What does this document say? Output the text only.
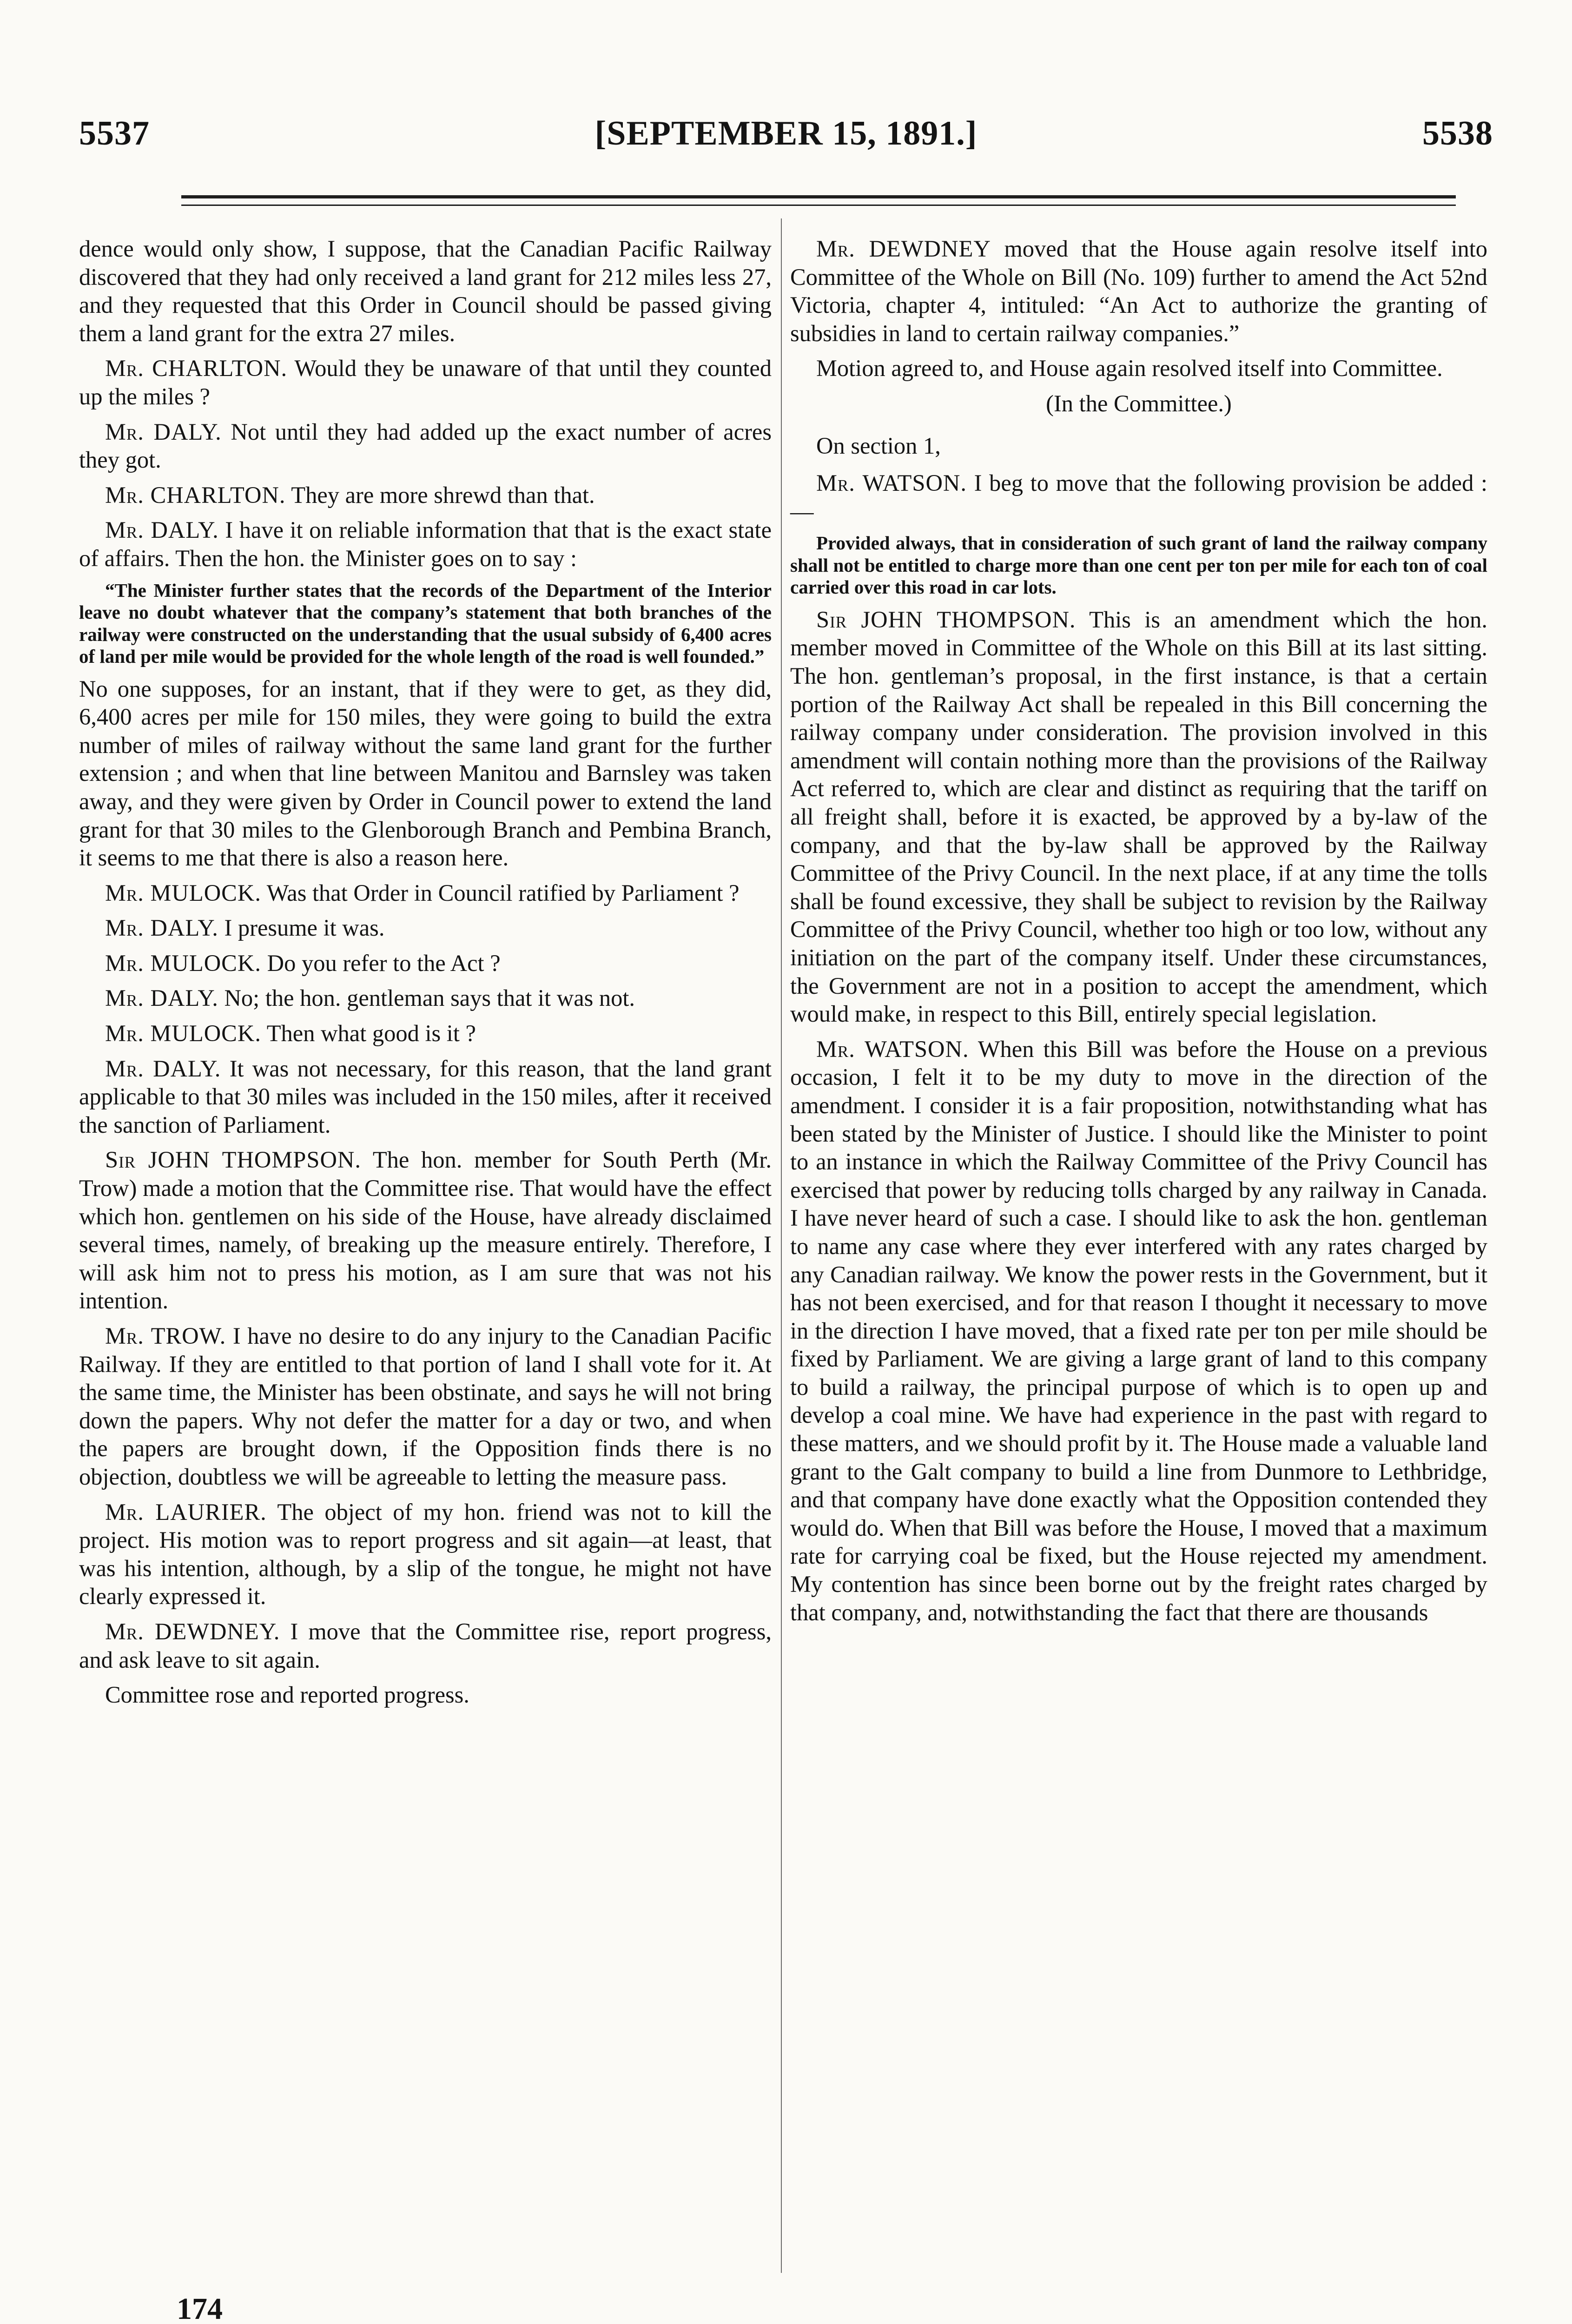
5537	[SEPTEMBER 15, 1891.]	5538

dence would only show, I suppose, that the Canadian Pacific Railway discovered that they had only received a land grant for 212 miles less 27, and they requested that this Order in Council should be passed giving them a land grant for the extra 27 miles.

Mr. CHARLTON. Would they be unaware of that until they counted up the miles ?

Mr. DALY. Not until they had added up the exact number of acres they got.

Mr. CHARLTON. They are more shrewd than that.

Mr. DALY. I have it on reliable information that that is the exact state of affairs. Then the hon. the Minister goes on to say :

“The Minister further states that the records of the Department of the Interior leave no doubt whatever that the company’s statement that both branches of the railway were constructed on the understanding that the usual subsidy of 6,400 acres of land per mile would be provided for the whole length of the road is well founded.”

No one supposes, for an instant, that if they were to get, as they did, 6,400 acres per mile for 150 miles, they were going to build the extra number of miles of railway without the same land grant for the further extension ; and when that line between Manitou and Barnsley was taken away, and they were given by Order in Council power to extend the land grant for that 30 miles to the Glenborough Branch and Pembina Branch, it seems to me that there is also a reason here.

Mr. MULOCK. Was that Order in Council ratified by Parliament ?

Mr. DALY. I presume it was.

Mr. MULOCK. Do you refer to the Act ?

Mr. DALY. No; the hon. gentleman says that it was not.

Mr. MULOCK. Then what good is it ?

Mr. DALY. It was not necessary, for this reason, that the land grant applicable to that 30 miles was included in the 150 miles, after it received the sanction of Parliament.

Sir JOHN THOMPSON. The hon. member for South Perth (Mr. Trow) made a motion that the Committee rise. That would have the effect which hon. gentlemen on his side of the House, have already disclaimed several times, namely, of breaking up the measure entirely. Therefore, I will ask him not to press his motion, as I am sure that was not his intention.

Mr. TROW. I have no desire to do any injury to the Canadian Pacific Railway. If they are entitled to that portion of land I shall vote for it. At the same time, the Minister has been obstinate, and says he will not bring down the papers. Why not defer the matter for a day or two, and when the papers are brought down, if the Opposition finds there is no objection, doubtless we will be agreeable to letting the measure pass.

Mr. LAURIER. The object of my hon. friend was not to kill the project. His motion was to report progress and sit again—at least, that was his intention, although, by a slip of the tongue, he might not have clearly expressed it.

Mr. DEWDNEY. I move that the Committee rise, report progress, and ask leave to sit again.

Committee rose and reported progress.

Mr. DEWDNEY moved that the House again resolve itself into Committee of the Whole on Bill (No. 109) further to amend the Act 52nd Victoria, chapter 4, intituled: “An Act to authorize the granting of subsidies in land to certain railway companies.”

Motion agreed to, and House again resolved itself into Committee.

(In the Committee.)

On section 1,

Mr. WATSON. I beg to move that the following provision be added :—

Provided always, that in consideration of such grant of land the railway company shall not be entitled to charge more than one cent per ton per mile for each ton of coal carried over this road in car lots.

Sir JOHN THOMPSON. This is an amendment which the hon. member moved in Committee of the Whole on this Bill at its last sitting. The hon. gentleman’s proposal, in the first instance, is that a certain portion of the Railway Act shall be repealed in this Bill concerning the railway company under consideration. The provision involved in this amendment will contain nothing more than the provisions of the Railway Act referred to, which are clear and distinct as requiring that the tariff on all freight shall, before it is exacted, be approved by a by-law of the company, and that the by-law shall be approved by the Railway Committee of the Privy Council. In the next place, if at any time the tolls shall be found excessive, they shall be subject to revision by the Railway Committee of the Privy Council, whether too high or too low, without any initiation on the part of the company itself. Under these circumstances, the Government are not in a position to accept the amendment, which would make, in respect to this Bill, entirely special legislation.

Mr. WATSON. When this Bill was before the House on a previous occasion, I felt it to be my duty to move in the direction of the amendment. I consider it is a fair proposition, notwithstanding what has been stated by the Minister of Justice. I should like the Minister to point to an instance in which the Railway Committee of the Privy Council has exercised that power by reducing tolls charged by any railway in Canada. I have never heard of such a case. I should like to ask the hon. gentleman to name any case where they ever interfered with any rates charged by any Canadian railway. We know the power rests in the Government, but it has not been exercised, and for that reason I thought it necessary to move in the direction I have moved, that a fixed rate per ton per mile should be fixed by Parliament. We are giving a large grant of land to this company to build a railway, the principal purpose of which is to open up and develop a coal mine. We have had experience in the past with regard to these matters, and we should profit by it. The House made a valuable land grant to the Galt company to build a line from Dunmore to Lethbridge, and that company have done exactly what the Opposition contended they would do. When that Bill was before the House, I moved that a maximum rate for carrying coal be fixed, but the House rejected my amendment. My contention has since been borne out by the freight rates charged by that company, and, notwithstanding the fact that there are thousands

174
